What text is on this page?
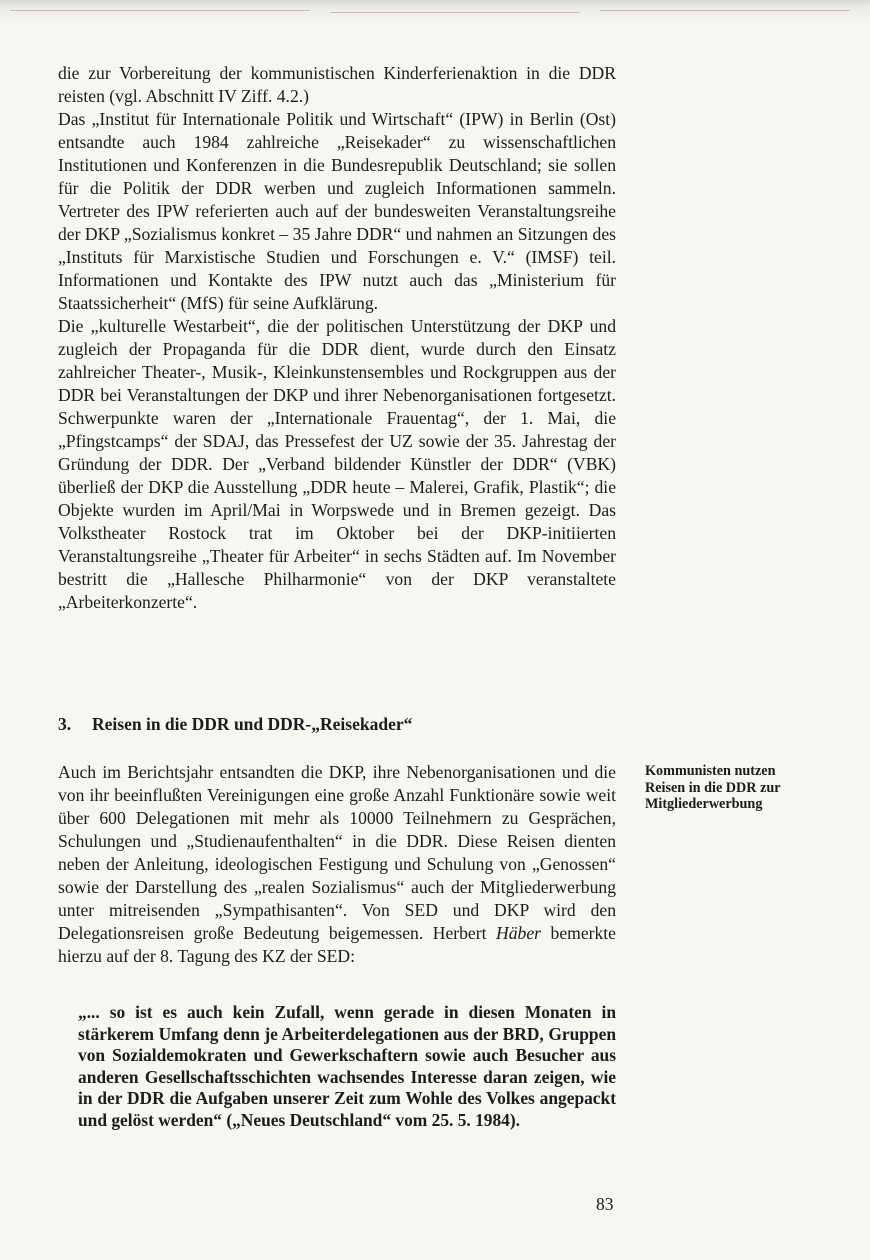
die zur Vorbereitung der kommunistischen Kinderferienaktion in die DDR reisten (vgl. Abschnitt IV Ziff. 4.2.)

Das „Institut für Internationale Politik und Wirtschaft“ (IPW) in Berlin (Ost) entsandte auch 1984 zahlreiche „Reisekader“ zu wissenschaftlichen Institutionen und Konferenzen in die Bundesrepublik Deutschland; sie sollen für die Politik der DDR werben und zugleich Informationen sammeln. Vertreter des IPW referierten auch auf der bundesweiten Veranstaltungsreihe der DKP „Sozialismus konkret – 35 Jahre DDR“ und nahmen an Sitzungen des „Instituts für Marxistische Studien und Forschungen e. V.“ (IMSF) teil. Informationen und Kontakte des IPW nutzt auch das „Ministerium für Staatssicherheit“ (MfS) für seine Aufklärung.

Die „kulturelle Westarbeit“, die der politischen Unterstützung der DKP und zugleich der Propaganda für die DDR dient, wurde durch den Einsatz zahlreicher Theater-, Musik-, Kleinkunstensembles und Rockgruppen aus der DDR bei Veranstaltungen der DKP und ihrer Nebenorganisationen fortgesetzt. Schwerpunkte waren der „Internationale Frauentag“, der 1. Mai, die „Pfingstcamps“ der SDAJ, das Pressefest der UZ sowie der 35. Jahrestag der Gründung der DDR. Der „Verband bildender Künstler der DDR“ (VBK) überließ der DKP die Ausstellung „DDR heute – Malerei, Grafik, Plastik“; die Objekte wurden im April/Mai in Worpswede und in Bremen gezeigt. Das Volkstheater Rostock trat im Oktober bei der DKP-initiierten Veranstaltungsreihe „Theater für Arbeiter“ in sechs Städten auf. Im November bestritt die „Hallesche Philharmonie“ von der DKP veranstaltete „Arbeiterkonzerte“.

3. Reisen in die DDR und DDR-„Reisekader“
Auch im Berichtsjahr entsandten die DKP, ihre Nebenorganisationen und die von ihr beeinflußten Vereinigungen eine große Anzahl Funktionäre sowie weit über 600 Delegationen mit mehr als 10000 Teilnehmern zu Gesprächen, Schulungen und „Studienaufenthalten“ in die DDR. Diese Reisen dienten neben der Anleitung, ideologischen Festigung und Schulung von „Genossen“ sowie der Darstellung des „realen Sozialismus“ auch der Mitgliederwerbung unter mitreisenden „Sympathisanten“. Von SED und DKP wird den Delegationsreisen große Bedeutung beigemessen. Herbert Häber bemerkte hierzu auf der 8. Tagung des KZ der SED:
„... so ist es auch kein Zufall, wenn gerade in diesen Monaten in stärkerem Umfang denn je Arbeiterdelegationen aus der BRD, Gruppen von Sozialdemokraten und Gewerkschaftern sowie auch Besucher aus anderen Gesellschaftsschichten wachsendes Interesse daran zeigen, wie in der DDR die Aufgaben unserer Zeit zum Wohle des Volkes angepackt und gelöst werden“ („Neues Deutschland“ vom 25. 5. 1984).
Kommunisten nutzen Reisen in die DDR zur Mitgliederwerbung
83
